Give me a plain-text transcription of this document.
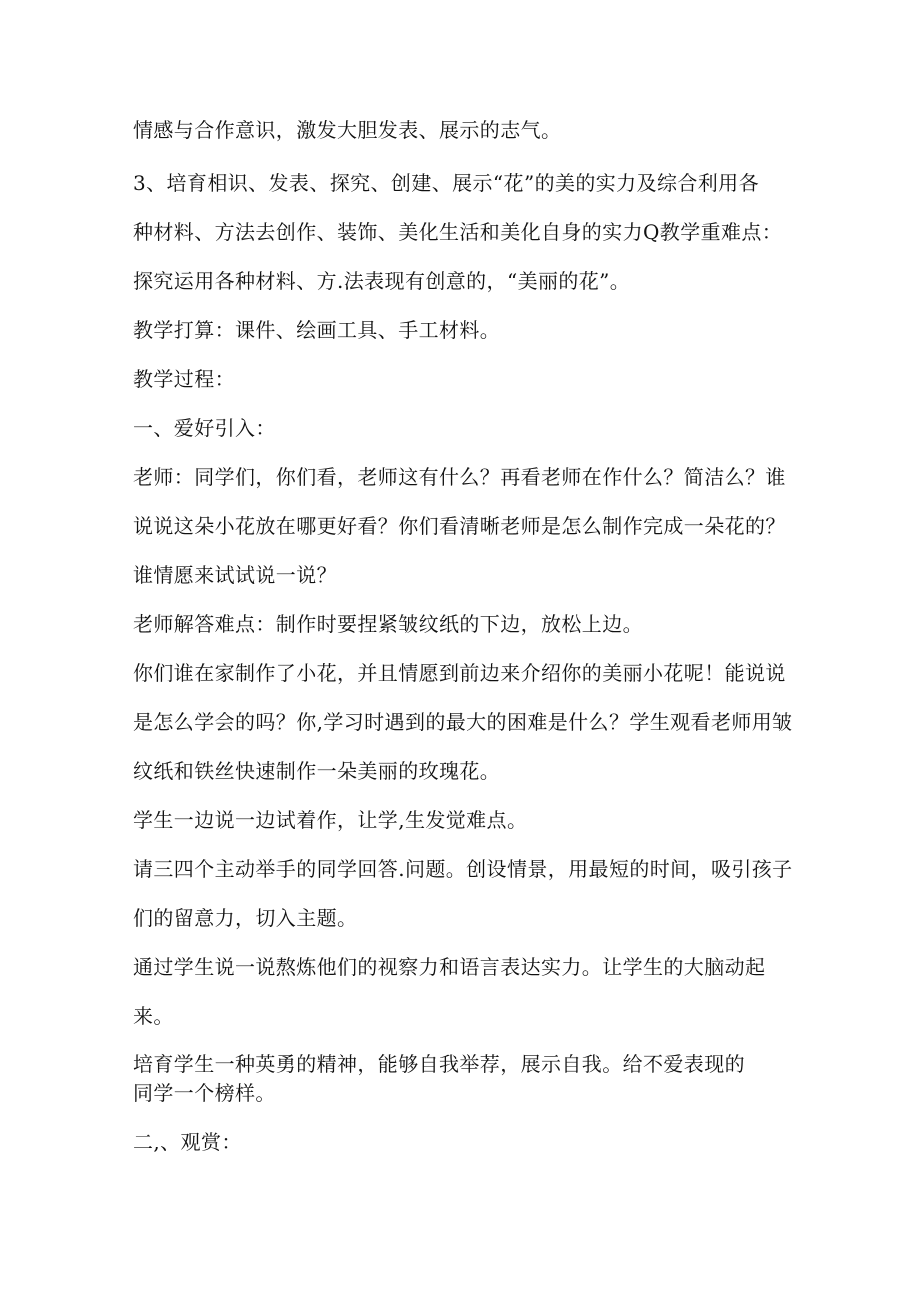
情感与合作意识，激发大胆发表、展示的志气。

3、培育相识、发表、探究、创建、展示“花”的美的实力及综合利用各

种材料、方法去创作、装饰、美化生活和美化自身的实力Q教学重难点：

探究运用各种材料、方.法表现有创意的，“美丽的花”。

教学打算：课件、绘画工具、手工材料。

教学过程：

一、爱好引入：

老师：同学们，你们看，老师这有什么？再看老师在作什么？简洁么？谁

说说这朵小花放在哪更好看？你们看清晰老师是怎么制作完成一朵花的？

谁情愿来试试说一说？

老师解答难点：制作时要捏紧皱纹纸的下边，放松上边。

你们谁在家制作了小花，并且情愿到前边来介绍你的美丽小花呢！能说说

是怎么学会的吗？你,学习时遇到的最大的困难是什么？学生观看老师用皱

纹纸和铁丝快速制作一朵美丽的玫瑰花。

学生一边说一边试着作，让学,生发觉难点。

请三四个主动举手的同学回答.问题。创设情景，用最短的时间，吸引孩子

们的留意力，切入主题。

通过学生说一说熬炼他们的视察力和语言表达实力。让学生的大脑动起

来。

培育学生一种英勇的精神，能够自我举荐，展示自我。给不爱表现的

同学一个榜样。

二,、观赏：
